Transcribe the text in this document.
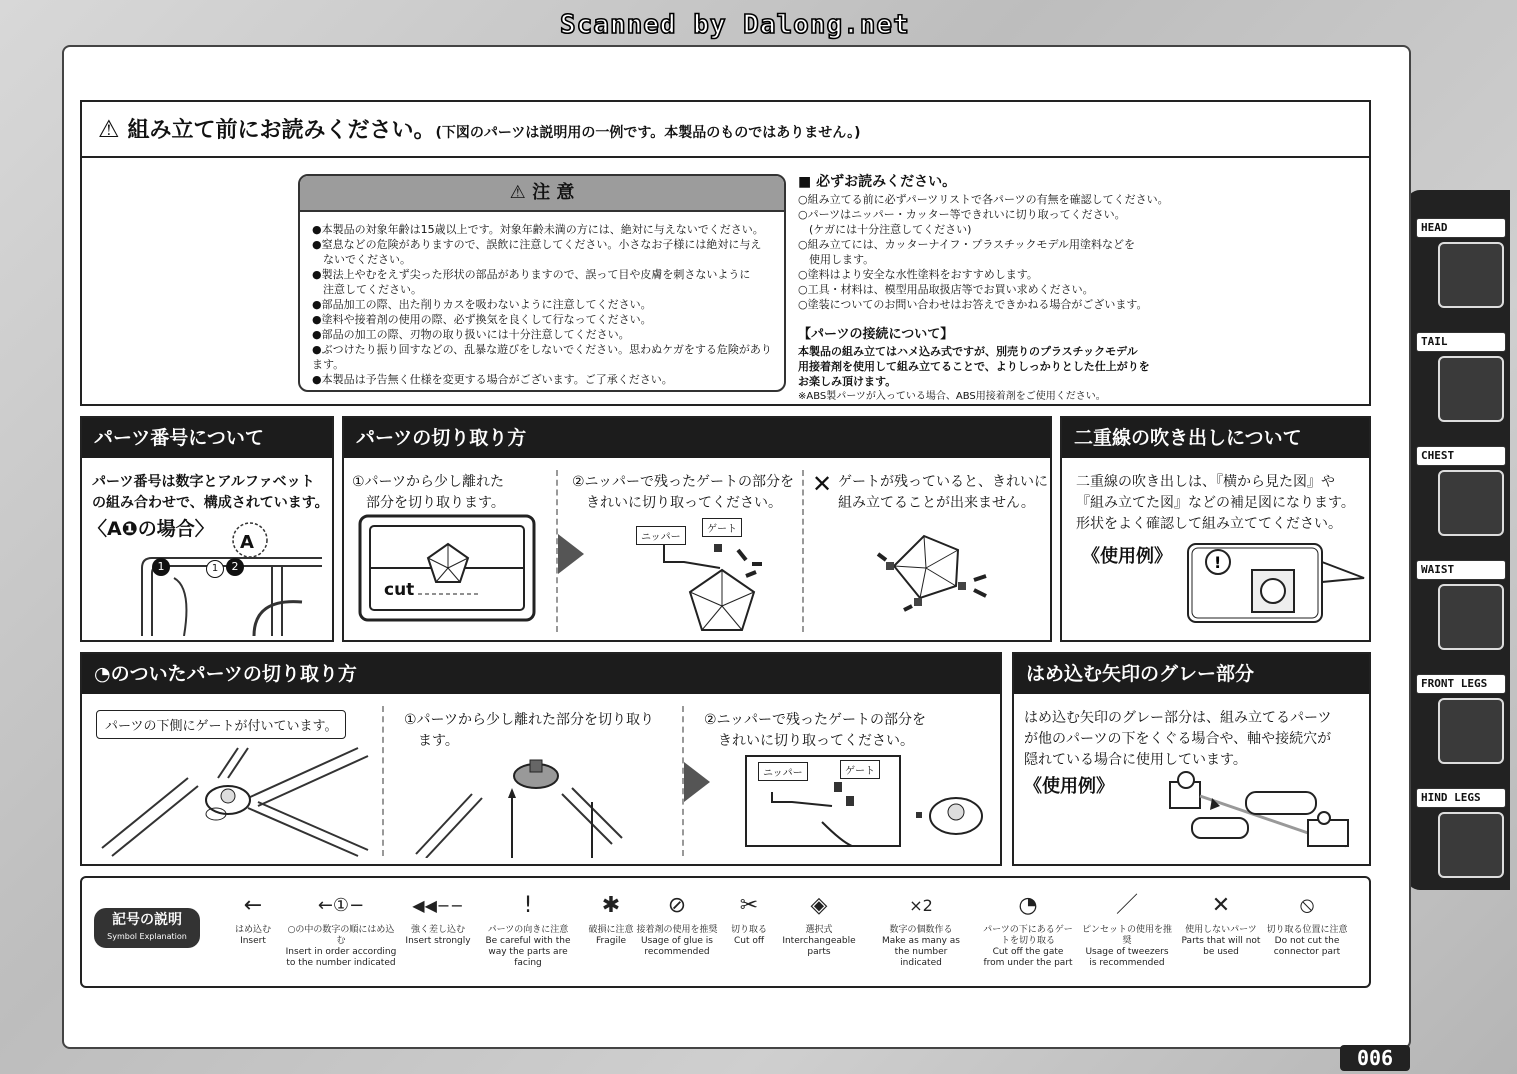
Scanned by Dalong.net
HEAD
TAIL
CHEST
WAIST
FRONT LEGS
HIND LEGS
⚠ 組み立て前にお読みください。(下図のパーツは説明用の一例です。本製品のものではありません。)
⚠ 注 意
●本製品の対象年齢は15歳以上です。対象年齢未満の方には、絶対に与えないでください。
●窒息などの危険がありますので、誤飲に注意してください。小さなお子様には絶対に与え
　ないでください。
●製法上やむをえず尖った形状の部品がありますので、誤って目や皮膚を刺さないように
　注意してください。
●部品加工の際、出た削りカスを吸わないように注意してください。
●塗料や接着剤の使用の際、必ず換気を良くして行なってください。
●部品の加工の際、刃物の取り扱いには十分注意してください。
●ぶつけたり振り回すなどの、乱暴な遊びをしないでください。思わぬケガをする危険があります。
●本製品は予告無く仕様を変更する場合がございます。ご了承ください。
■ 必ずお読みください。
○組み立てる前に必ずパーツリストで各パーツの有無を確認してください。
○パーツはニッパー・カッター等できれいに切り取ってください。
　(ケガには十分注意してください)
○組み立てには、カッターナイフ・プラスチックモデル用塗料などを
　使用します。
○塗料はより安全な水性塗料をおすすめします。
○工具・材料は、模型用品取扱店等でお買い求めください。
○塗装についてのお問い合わせはお答えできかねる場合がございます。
【パーツの接続について】
本製品の組み立てはハメ込み式ですが、別売りのプラスチックモデル
用接着剤を使用して組み立てることで、よりしっかりとした仕上がりを
お楽しみ頂けます。
※ABS製パーツが入っている場合、ABS用接着剤をご使用ください。
パーツ番号について
パーツ番号は数字とアルファベット
の組み合わせで、構成されています。
〈A❶の場合〉
A
1	1	2
パーツの切り取り方
①パーツから少し離れた
部分を切り取ります。
cut
②ニッパーで残ったゲートの部分を
きれいに切り取ってください。
ニッパー
ゲート
✕ ゲートが残っていると、きれいに
組み立てることが出来ません。
二重線の吹き出しについて
二重線の吹き出しは、『横から見た図』や
『組み立てた図』などの補足図になります。
形状をよく確認して組み立ててください。
《使用例》	!
◔のついたパーツの切り取り方
パーツの下側にゲートが付いています。	①パーツから少し離れた部分を切り取り
ます。
②ニッパーで残ったゲートの部分を
きれいに切り取ってください。
ニッパー	ゲート
はめ込む矢印のグレー部分
はめ込む矢印のグレー部分は、組み立てるパーツ
が他のパーツの下をくぐる場合や、軸や接続穴が
隠れている場合に使用しています。
《使用例》
記号の説明
Symbol Explanation
←
はめ込む
Insert
←①−
○の中の数字の順にはめ込む
Insert in order according to the number indicated
◀◀−−
強く差し込む
Insert strongly
!
パーツの向きに注意
Be careful with the way the parts are facing
✱
破損に注意
Fragile
⊘
接着剤の使用を推奨
Usage of glue is recommended
✂
切り取る
Cut off
◈
選択式
Interchangeable parts
×2
数字の個数作る
Make as many as the number indicated
◔
パーツの下にあるゲートを切り取る
Cut off the gate from under the part
／
ピンセットの使用を推奨
Usage of tweezers is recommended
✕
使用しないパーツ
Parts that will not be used
⦸
切り取る位置に注意
Do not cut the connector part
006
